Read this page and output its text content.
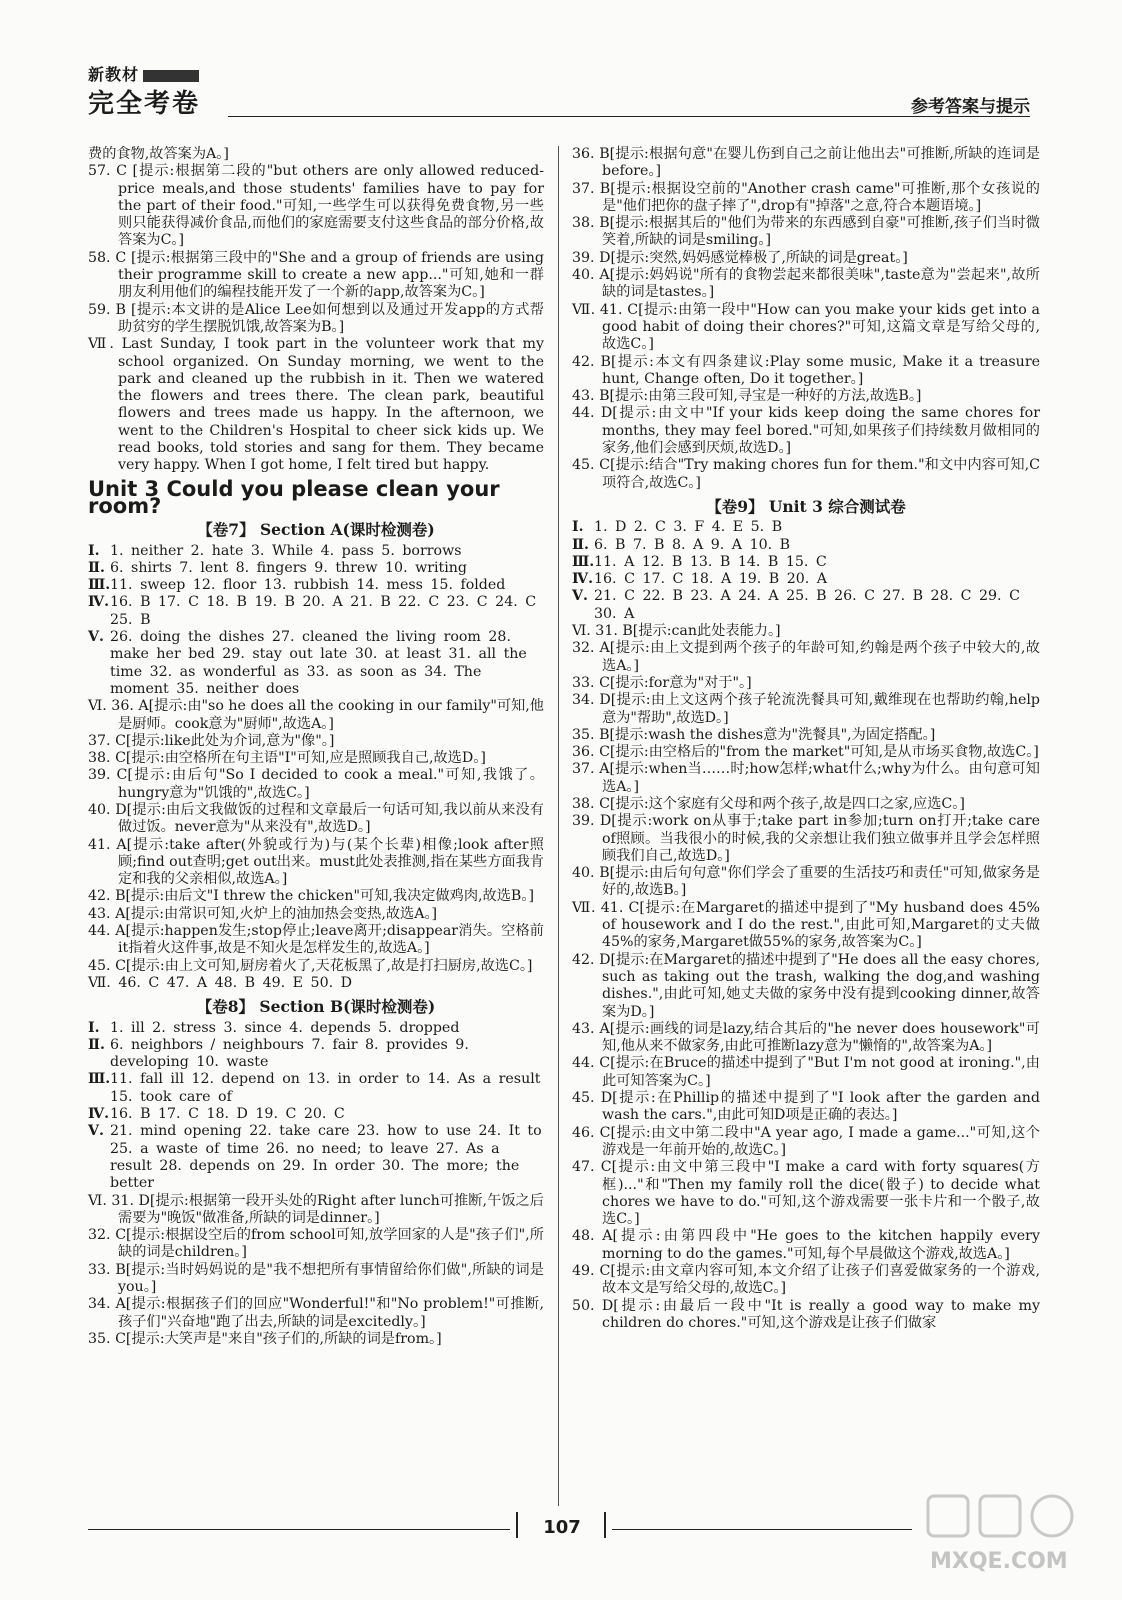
新教材
完全考卷	参考答案与提示

费的食物,故答案为A。]

57. C [提示:根据第二段的"but others are only allowed reduced-price meals,and those students' families have to pay for the part of their food."可知,一些学生可以获得免费食物,另一些则只能获得减价食品,而他们的家庭需要支付这些食品的部分价格,故答案为C。]

58. C [提示:根据第三段中的"She and a group of friends are using their programme skill to create a new app..."可知,她和一群朋友利用他们的编程技能开发了一个新的app,故答案为C。]

59. B [提示:本文讲的是Alice Lee如何想到以及通过开发app的方式帮助贫穷的学生摆脱饥饿,故答案为B。]

Ⅶ. Last Sunday, I took part in the volunteer work that my school organized. On Sunday morning, we went to the park and cleaned up the rubbish in it. Then we watered the flowers and trees there. The clean park, beautiful flowers and trees made us happy. In the afternoon, we went to the Children's Hospital to cheer sick kids up. We read books, told stories and sang for them. They became very happy. When I got home, I felt tired but happy.

Unit 3 Could you please clean your room?
【卷7】 Section A(课时检测卷)
Ⅰ. 1. neither 2. hate 3. While 4. pass 5. borrows
Ⅱ. 6. shirts 7. lent 8. fingers 9. threw 10. writing
Ⅲ. 11. sweep 12. floor 13. rubbish 14. mess 15. folded
Ⅳ. 16. B 17. C 18. B 19. B 20. A 21. B 22. C 23. C 24. C 25. B
Ⅴ. 26. doing the dishes 27. cleaned the living room 28. make her bed 29. stay out late 30. at least 31. all the time 32. as wonderful as 33. as soon as 34. The moment 35. neither does

Ⅵ. 36. A[提示:由"so he does all the cooking in our family"可知,他是厨师。cook意为"厨师",故选A。]

37. C[提示:like此处为介词,意为"像"。]

38. C[提示:由空格所在句主语"I"可知,应是照顾我自己,故选D。]

39. C[提示:由后句"So I decided to cook a meal."可知,我饿了。hungry意为"饥饿的",故选C。]

40. D[提示:由后文我做饭的过程和文章最后一句话可知,我以前从来没有做过饭。never意为"从来没有",故选D。]

41. A[提示:take after(外貌或行为)与(某个长辈)相像;look after照顾;find out查明;get out出来。must此处表推测,指在某些方面我肯定和我的父亲相似,故选A。]

42. B[提示:由后文"I threw the chicken"可知,我决定做鸡肉,故选B。]

43. A[提示:由常识可知,火炉上的油加热会变热,故选A。]

44. A[提示:happen发生;stop停止;leave离开;disappear消失。空格前it指着火这件事,故是不知火是怎样发生的,故选A。]

45. C[提示:由上文可知,厨房着火了,天花板黑了,故是打扫厨房,故选C。]

Ⅶ. 46. C 47. A 48. B 49. E 50. D

【卷8】 Section B(课时检测卷)
Ⅰ. 1. ill 2. stress 3. since 4. depends 5. dropped
Ⅱ. 6. neighbors / neighbours 7. fair 8. provides 9. developing 10. waste
Ⅲ. 11. fall ill 12. depend on 13. in order to 14. As a result 15. took care of
Ⅳ. 16. B 17. C 18. D 19. C 20. C
Ⅴ. 21. mind opening 22. take care 23. how to use 24. It to 25. a waste of time 26. no need; to leave 27. As a result 28. depends on 29. In order 30. The more; the better

Ⅵ. 31. D[提示:根据第一段开头处的Right after lunch可推断,午饭之后需要为"晚饭"做准备,所缺的词是dinner。]

32. C[提示:根据设空后的from school可知,放学回家的人是"孩子们",所缺的词是children。]

33. B[提示:当时妈妈说的是"我不想把所有事情留给你们做",所缺的词是you。]

34. A[提示:根据孩子们的回应"Wonderful!"和"No problem!"可推断,孩子们"兴奋地"跑了出去,所缺的词是excitedly。]

35. C[提示:大笑声是"来自"孩子们的,所缺的词是from。]

36. B[提示:根据句意"在婴儿伤到自己之前让他出去"可推断,所缺的连词是before。]

37. B[提示:根据设空前的"Another crash came"可推断,那个女孩说的是"他们把你的盘子摔了",drop有"掉落"之意,符合本题语境。]

38. B[提示:根据其后的"他们为带来的东西感到自豪"可推断,孩子们当时微笑着,所缺的词是smiling。]

39. D[提示:突然,妈妈感觉棒极了,所缺的词是great。]

40. A[提示:妈妈说"所有的食物尝起来都很美味",taste意为"尝起来",故所缺的词是tastes。]

Ⅶ. 41. C[提示:由第一段中"How can you make your kids get into a good habit of doing their chores?"可知,这篇文章是写给父母的,故选C。]

42. B[提示:本文有四条建议:Play some music, Make it a treasure hunt, Change often, Do it together。]

43. B[提示:由第三段可知,寻宝是一种好的方法,故选B。]

44. D[提示:由文中"If your kids keep doing the same chores for months, they may feel bored."可知,如果孩子们持续数月做相同的家务,他们会感到厌烦,故选D。]

45. C[提示:结合"Try making chores fun for them."和文中内容可知,C项符合,故选C。]

【卷9】 Unit 3 综合测试卷
Ⅰ. 1. D 2. C 3. F 4. E 5. B
Ⅱ. 6. B 7. B 8. A 9. A 10. B
Ⅲ. 11. A 12. B 13. B 14. B 15. C
Ⅳ. 16. C 17. C 18. A 19. B 20. A
Ⅴ. 21. C 22. B 23. A 24. A 25. B 26. C 27. B 28. C 29. C 30. A

Ⅵ. 31. B[提示:can此处表能力。]

32. A[提示:由上文提到两个孩子的年龄可知,约翰是两个孩子中较大的,故选A。]

33. C[提示:for意为"对于"。]

34. D[提示:由上文这两个孩子轮流洗餐具可知,戴维现在也帮助约翰,help意为"帮助",故选D。]

35. B[提示:wash the dishes意为"洗餐具",为固定搭配。]

36. C[提示:由空格后的"from the market"可知,是从市场买食物,故选C。]

37. A[提示:when当……时;how怎样;what什么;why为什么。由句意可知选A。]

38. C[提示:这个家庭有父母和两个孩子,故是四口之家,应选C。]

39. D[提示:work on从事于;take part in参加;turn on打开;take care of照顾。当我很小的时候,我的父亲想让我们独立做事并且学会怎样照顾我们自己,故选D。]

40. B[提示:由后句句意"你们学会了重要的生活技巧和责任"可知,做家务是好的,故选B。]

Ⅶ. 41. C[提示:在Margaret的描述中提到了"My husband does 45% of housework and I do the rest.",由此可知,Margaret的丈夫做45%的家务,Margaret做55%的家务,故答案为C。]

42. D[提示:在Margaret的描述中提到了"He does all the easy chores, such as taking out the trash, walking the dog,and washing dishes.",由此可知,她丈夫做的家务中没有提到cooking dinner,故答案为D。]

43. A[提示:画线的词是lazy,结合其后的"he never does housework"可知,他从来不做家务,由此可推断lazy意为"懒惰的",故答案为A。]

44. C[提示:在Bruce的描述中提到了"But I'm not good at ironing.",由此可知答案为C。]

45. D[提示:在Phillip的描述中提到了"I look after the garden and wash the cars.",由此可知D项是正确的表达。]

46. C[提示:由文中第二段中"A year ago, I made a game..."可知,这个游戏是一年前开始的,故选C。]

47. C[提示:由文中第三段中"I make a card with forty squares(方框)..."和"Then my family roll the dice(骰子) to decide what chores we have to do."可知,这个游戏需要一张卡片和一个骰子,故选C。]

48. A[提示:由第四段中"He goes to the kitchen happily every morning to do the games."可知,每个早晨做这个游戏,故选A。]

49. C[提示:由文章内容可知,本文介绍了让孩子们喜爱做家务的一个游戏,故本文是写给父母的,故选C。]

50. D[提示:由最后一段中"It is really a good way to make my children do chores."可知,这个游戏是让孩子们做家

107
MXQE.COM
